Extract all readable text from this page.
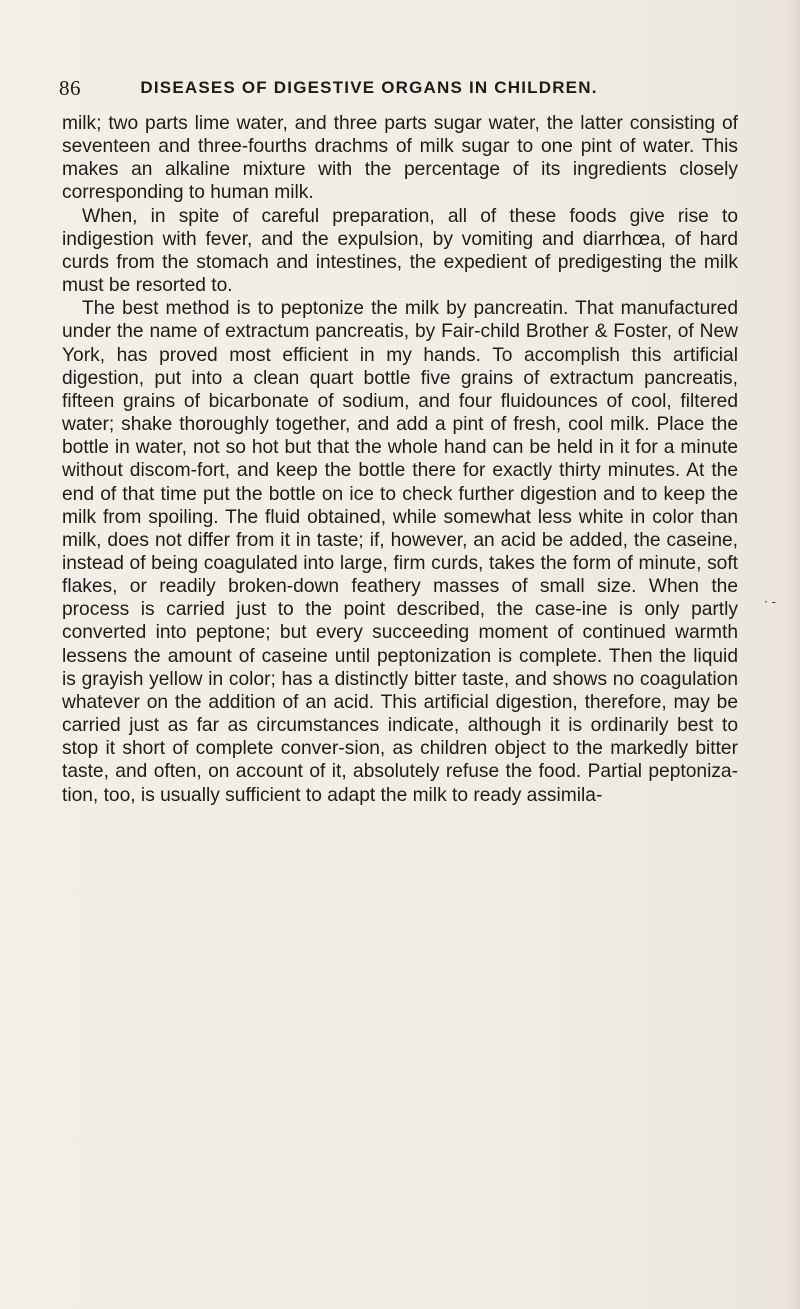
86	DISEASES OF DIGESTIVE ORGANS IN CHILDREN.

milk; two parts lime water, and three parts sugar water, the latter consisting of seventeen and three-fourths drachms of milk sugar to one pint of water. This makes an alkaline mixture with the percentage of its ingredients closely corresponding to human milk.

When, in spite of careful preparation, all of these foods give rise to indigestion with fever, and the expulsion, by vomiting and diarrhœa, of hard curds from the stomach and intestines, the expedient of predigesting the milk must be resorted to.

The best method is to peptonize the milk by pancreatin. That manufactured under the name of extractum pancreatis, by Fair-child Brother & Foster, of New York, has proved most efficient in my hands. To accomplish this artificial digestion, put into a clean quart bottle five grains of extractum pancreatis, fifteen grains of bicarbonate of sodium, and four fluidounces of cool, filtered water; shake thoroughly together, and add a pint of fresh, cool milk. Place the bottle in water, not so hot but that the whole hand can be held in it for a minute without discom-fort, and keep the bottle there for exactly thirty minutes. At the end of that time put the bottle on ice to check further digestion and to keep the milk from spoiling. The fluid obtained, while somewhat less white in color than milk, does not differ from it in taste; if, however, an acid be added, the caseine, instead of being coagulated into large, firm curds, takes the form of minute, soft flakes, or readily broken-down feathery masses of small size. When the process is carried just to the point described, the case-ine is only partly converted into peptone; but every succeeding moment of continued warmth lessens the amount of caseine until peptonization is complete. Then the liquid is grayish yellow in color; has a distinctly bitter taste, and shows no coagulation whatever on the addition of an acid. This artificial digestion, therefore, may be carried just as far as circumstances indicate, although it is ordinarily best to stop it short of complete conver-sion, as children object to the markedly bitter taste, and often, on account of it, absolutely refuse the food. Partial peptoniza-tion, too, is usually sufficient to adapt the milk to ready assimila-

· -
